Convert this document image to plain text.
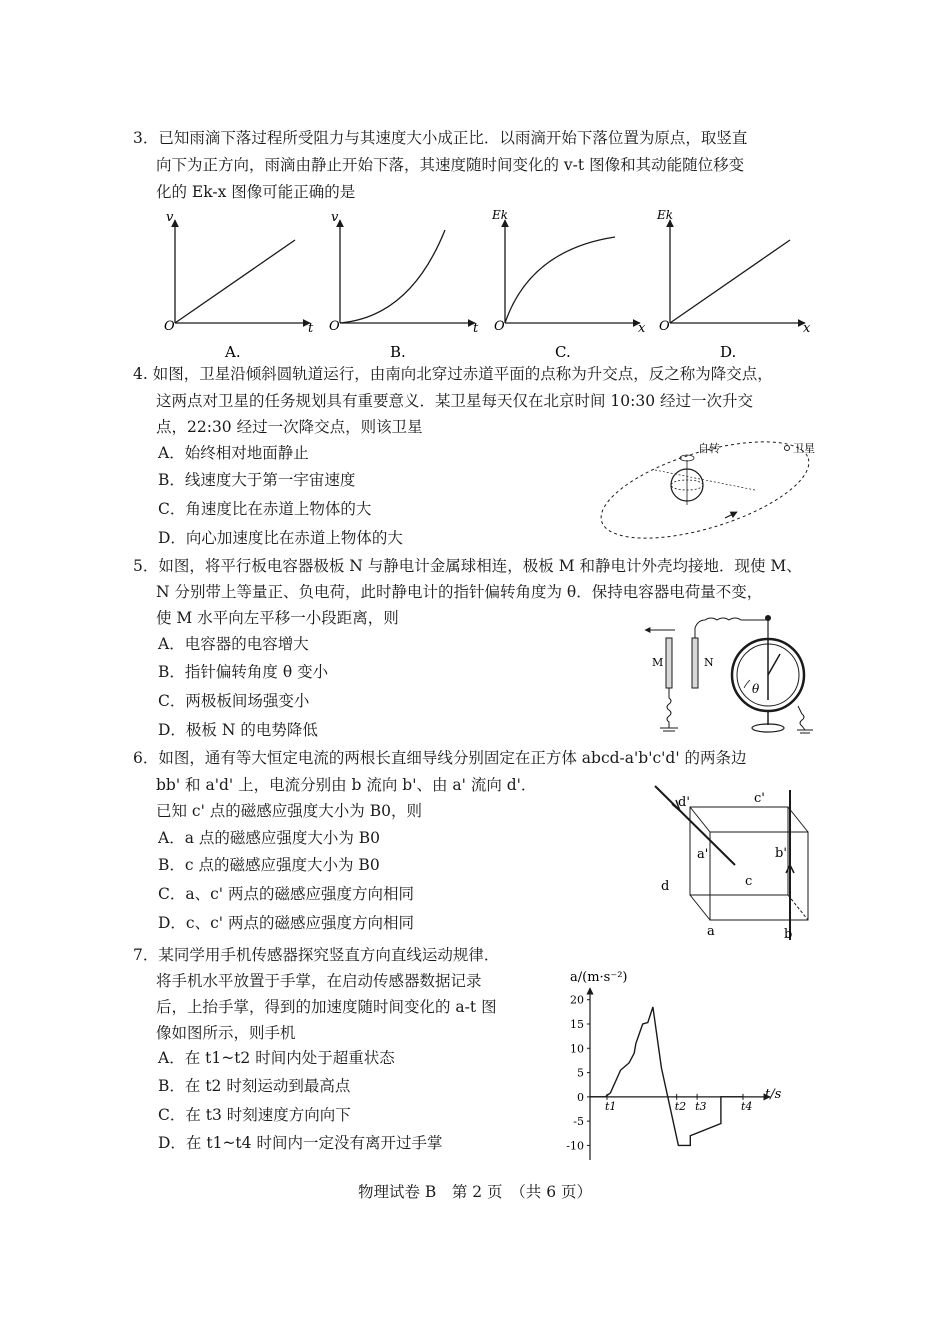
3．已知雨滴下落过程所受阻力与其速度大小成正比．以雨滴开始下落位置为原点，取竖直
向下为正方向，雨滴由静止开始下落，其速度随时间变化的 v-t 图像和其动能随位移变
化的 Ek-x 图像可能正确的是
v
t
O
A.
v
t
O
B.
Ek
x
O
C.
Ek
x
O
D.
4. 如图，卫星沿倾斜圆轨道运行，由南向北穿过赤道平面的点称为升交点，反之称为降交点，
这两点对卫星的任务规划具有重要意义．某卫星每天仅在北京时间 10:30 经过一次升交
点，22:30 经过一次降交点，则该卫星
A．始终相对地面静止
B．线速度大于第一宇宙速度
C．角速度比在赤道上物体的大
D．向心加速度比在赤道上物体的大
自转	卫星
5．如图，将平行板电容器极板 N 与静电计金属球相连，极板 M 和静电计外壳均接地．现使 M、
N 分别带上等量正、负电荷，此时静电计的指针偏转角度为 θ．保持电容器电荷量不变，
使 M 水平向左平移一小段距离，则
A．电容器的电容增大
B．指针偏转角度 θ 变小
C．两极板间场强变小
D．极板 N 的电势降低
M	N
θ
6．如图，通有等大恒定电流的两根长直细导线分别固定在正方体 abcd-a'b'c'd' 的两条边
bb' 和 a'd' 上，电流分别由 b 流向 b'、由 a' 流向 d'．
已知 c' 点的磁感应强度大小为 B0，则
A．a 点的磁感应强度大小为 B0
B．c 点的磁感应强度大小为 B0
C．a、c' 两点的磁感应强度方向相同
D．c、c' 两点的磁感应强度方向相同
d'	c'
a'	b'
d	c
a	b
7．某同学用手机传感器探究竖直方向直线运动规律．
将手机水平放置于手掌，在启动传感器数据记录
后，上抬手掌，得到的加速度随时间变化的 a-t 图
像如图所示，则手机
A．在 t1~t2 时间内处于超重状态
B．在 t2 时刻运动到最高点
C．在 t3 时刻速度方向向下
D．在 t1~t4 时间内一定没有离开过手掌
a/(m·s⁻²)
t/s
20
15
10
5
0
-5
-10
t1	t2 t3	t4
物理试卷 B　第 2 页　（共 6 页）
